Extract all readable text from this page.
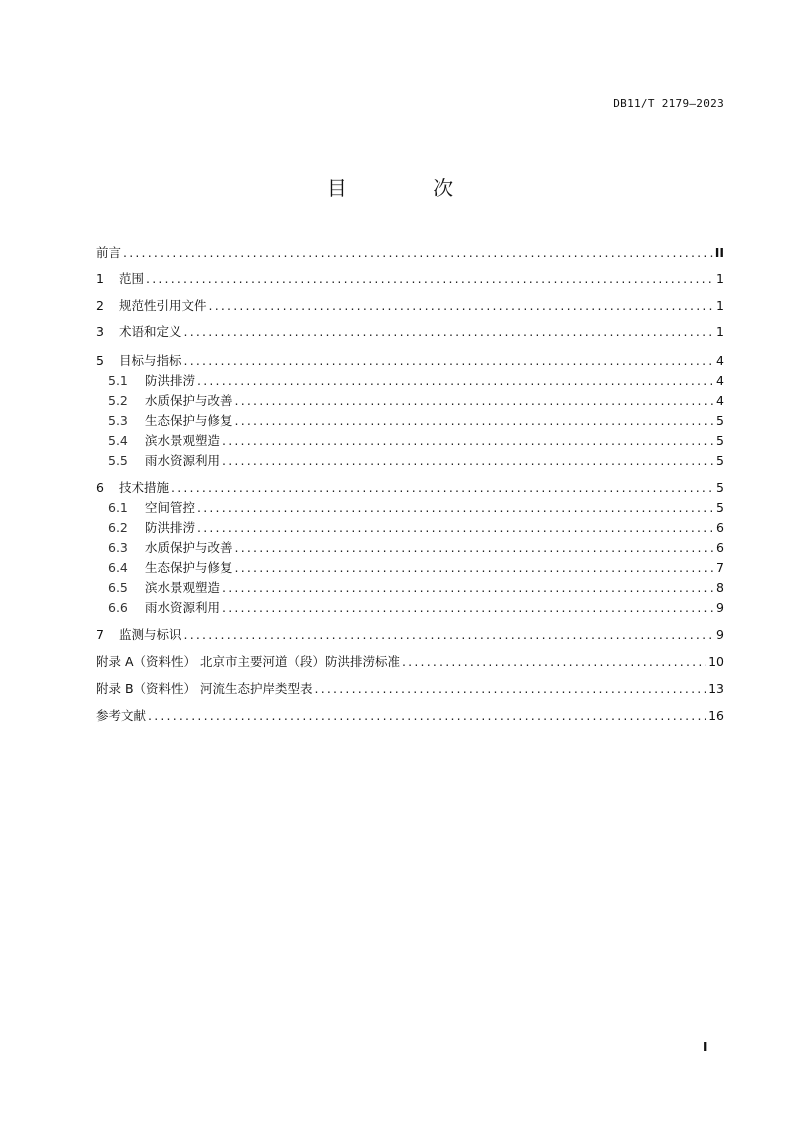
DB11/T 2179—2023
目 次
前言 .....	II
1	范围 .....	1
2	规范性引用文件 .....	1
3	术语和定义 .....	1
5	目标与指标 .....	4
5.1	防洪排涝 .....	4
5.2	水质保护与改善 .....	4
5.3	生态保护与修复 .....	5
5.4	滨水景观塑造 .....	5
5.5	雨水资源利用 .....	5
6	技术措施 .....	5
6.1	空间管控 .....	5
6.2	防洪排涝 .....	6
6.3	水质保护与改善 .....	6
6.4	生态保护与修复 .....	7
6.5	滨水景观塑造 .....	8
6.6	雨水资源利用 .....	9
7	监测与标识 .....	9
附录 A（资料性） 北京市主要河道（段）防洪排涝标准 .....	10
附录 B（资料性） 河流生态护岸类型表 .....	13
参考文献 .....	16
I
